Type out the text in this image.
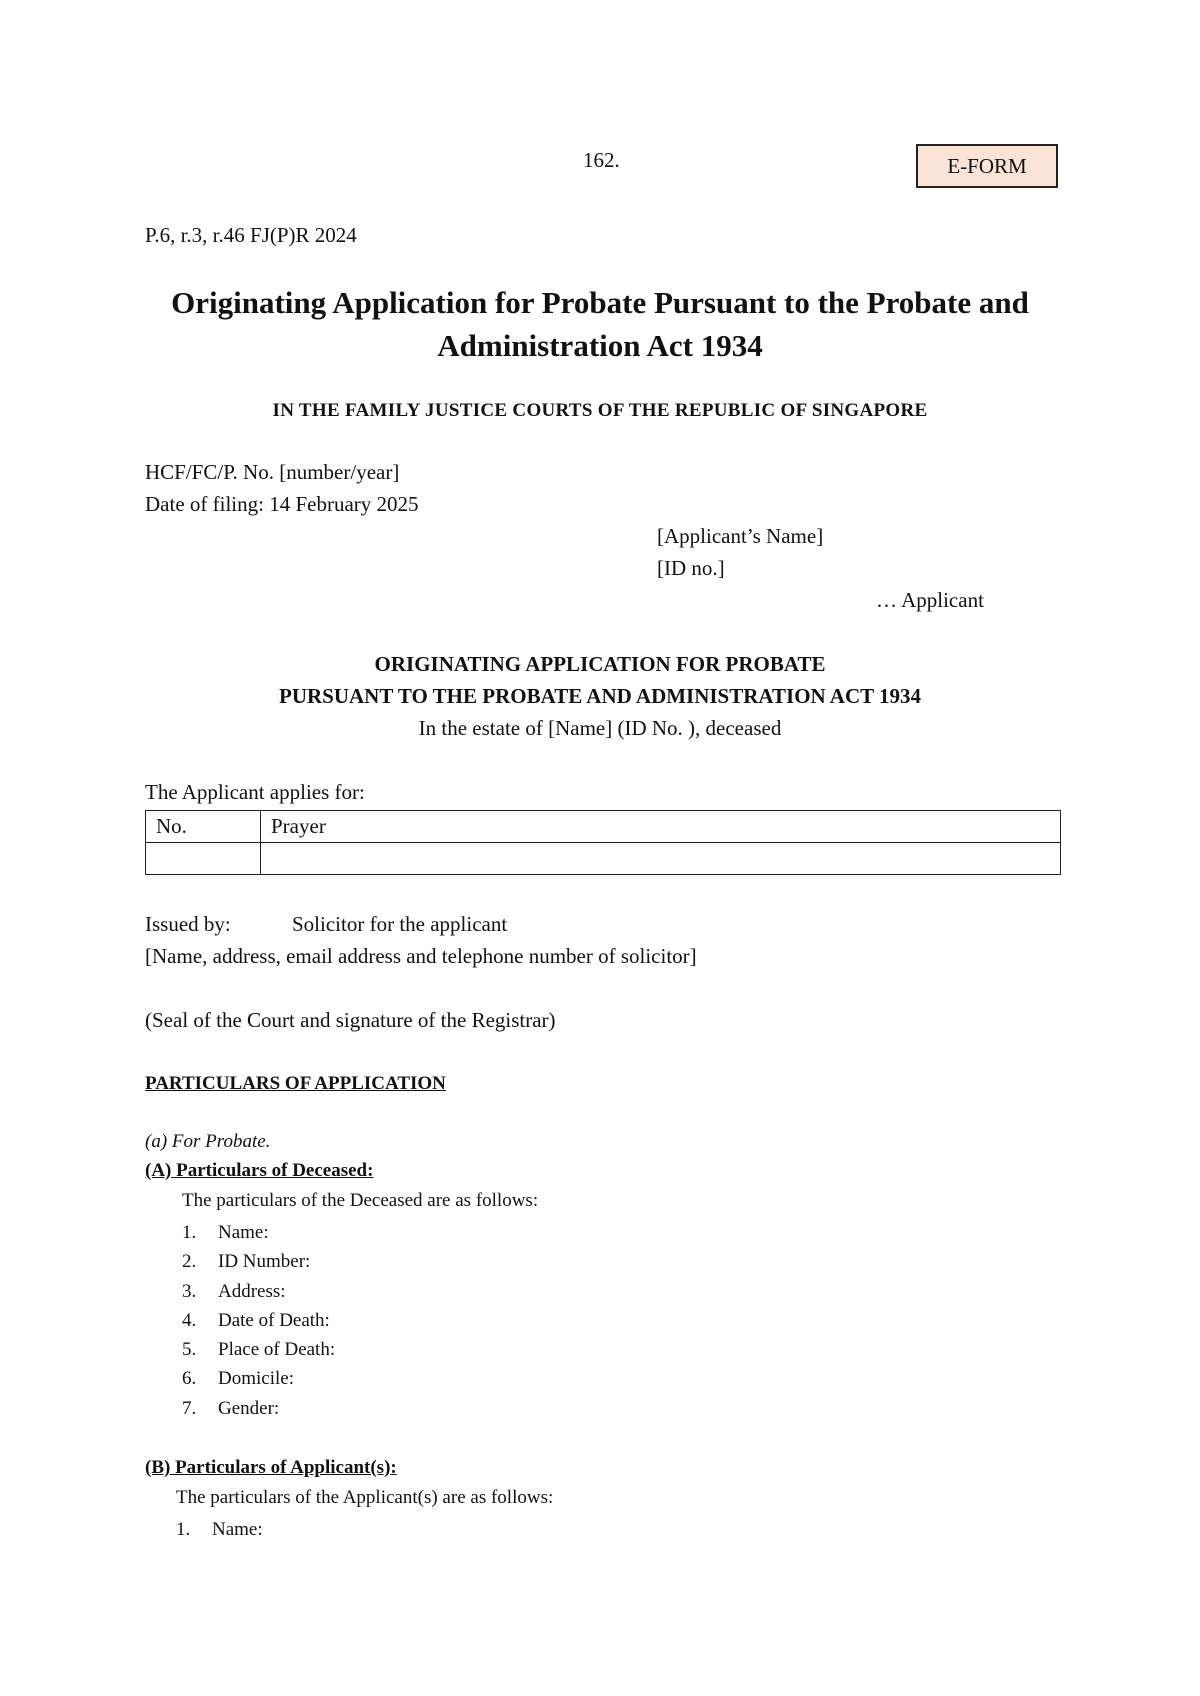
162.	E-FORM
P.6, r.3, r.46 FJ(P)R 2024
Originating Application for Probate Pursuant to the Probate and Administration Act 1934
IN THE FAMILY JUSTICE COURTS OF THE REPUBLIC OF SINGAPORE
HCF/FC/P. No. [number/year]
Date of filing: 14 February 2025
[Applicant’s Name]
[ID no.]
… Applicant
ORIGINATING APPLICATION FOR PROBATE
PURSUANT TO THE PROBATE AND ADMINISTRATION ACT 1934
In the estate of [Name] (ID No. ), deceased
The Applicant applies for:
No.	Prayer

Issued by:	Solicitor for the applicant
[Name, address, email address and telephone number of solicitor]
(Seal of the Court and signature of the Registrar)
PARTICULARS OF APPLICATION
(a) For Probate.
(A) Particulars of Deceased:
The particulars of the Deceased are as follows:
1.	Name:
2.	ID Number:
3.	Address:
4.	Date of Death:
5.	Place of Death:
6.	Domicile:
7.	Gender:
(B) Particulars of Applicant(s):
The particulars of the Applicant(s) are as follows:
1.	Name:
